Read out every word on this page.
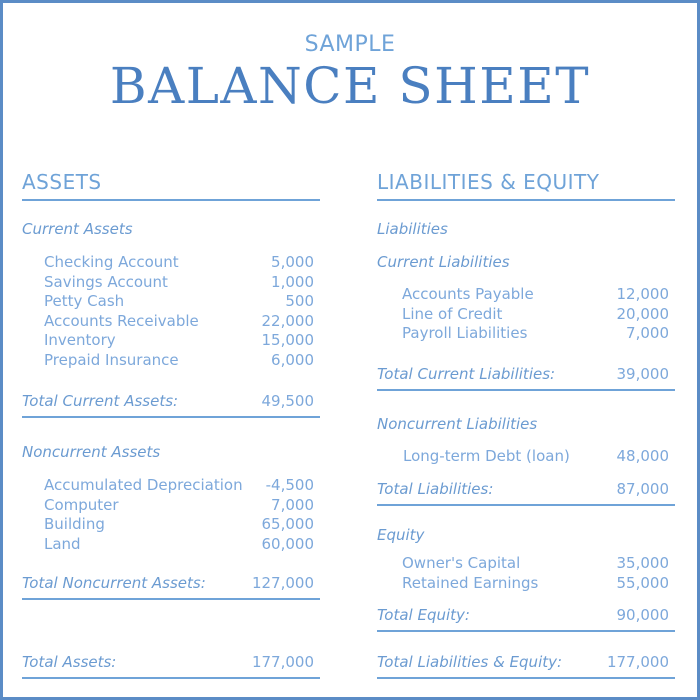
SAMPLE
BALANCE SHEET
ASSETS
Current Assets
Checking Account	5,000
Savings Account	1,000
Petty Cash	500
Accounts Receivable	22,000
Inventory	15,000
Prepaid Insurance	6,000
Total Current Assets:	49,500
Noncurrent Assets
Accumulated Depreciation -4,500
Computer	7,000
Building	65,000
Land	60,000
Total Noncurrent Assets:	127,000
Total Assets:	177,000
LIABILITIES & EQUITY
Liabilities
Current Liabilities
Accounts Payable	12,000
Line of Credit	20,000
Payroll Liabilities	7,000
Total Current Liabilities:	39,000
Noncurrent Liabilities
Long-term Debt (loan)	48,000
Total Liabilities:	87,000
Equity
Owner's Capital	35,000
Retained Earnings	55,000
Total Equity:	90,000
Total Liabilities & Equity:	177,000
